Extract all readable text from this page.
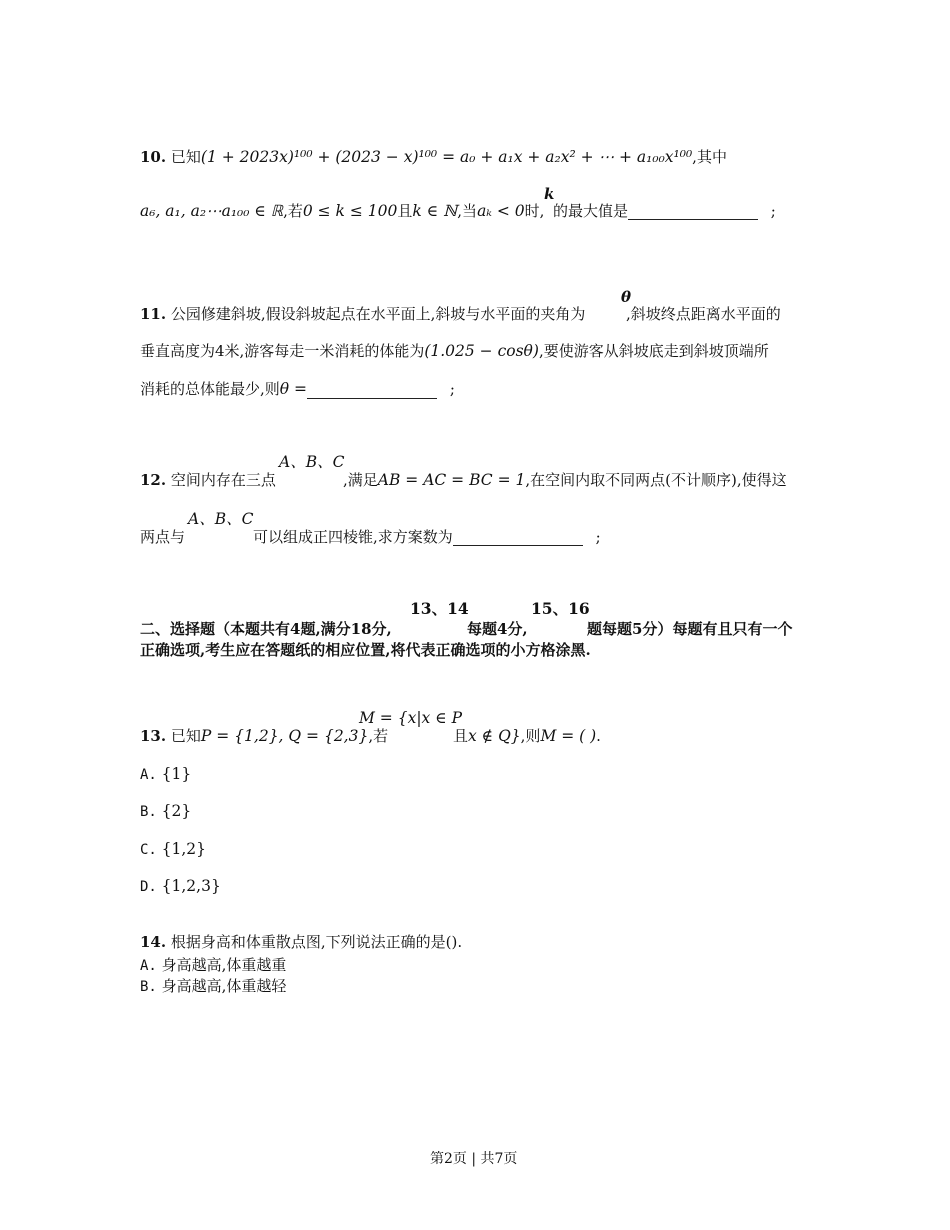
10. 已知(1 + 2023x)¹⁰⁰ + (2023 − x)¹⁰⁰ = a₀ + a₁x + a₂x² + ⋯ + a₁₀₀x¹⁰⁰,其中
k
a₆, a₁, a₂⋯a₁₀₀ ∈ ℝ,若0 ≤ k ≤ 100且k ∈ ℕ,当aₖ < 0时, 的最大值是	;
θ
11. 公园修建斜坡,假设斜坡起点在水平面上,斜坡与水平面的夹角为	,斜坡终点距离水平面的
垂直高度为4米,游客每走一米消耗的体能为(1.025 − cosθ),要使游客从斜坡底走到斜坡顶端所
消耗的总体能最少,则θ =	;
A、B、C
12. 空间内存在三点	,满足AB = AC = BC = 1,在空间内取不同两点(不计顺序),使得这
A、B、C
两点与	可以组成正四棱锥,求方案数为	;
13、14	15、16
二、选择题（本题共有4题,满分18分,	每题4分,	题每题5分）每题有且只有一个
正确选项,考生应在答题纸的相应位置,将代表正确选项的小方格涂黑.
M = {x|x ∈ P
13. 已知P = {1,2}, Q = {2,3},若	且x ∉ Q},则M = ( ).
A. {1}
B. {2}
C. {1,2}
D. {1,2,3}
14. 根据身高和体重散点图,下列说法正确的是().
A. 身高越高,体重越重
B. 身高越高,体重越轻
第2页 | 共7页
